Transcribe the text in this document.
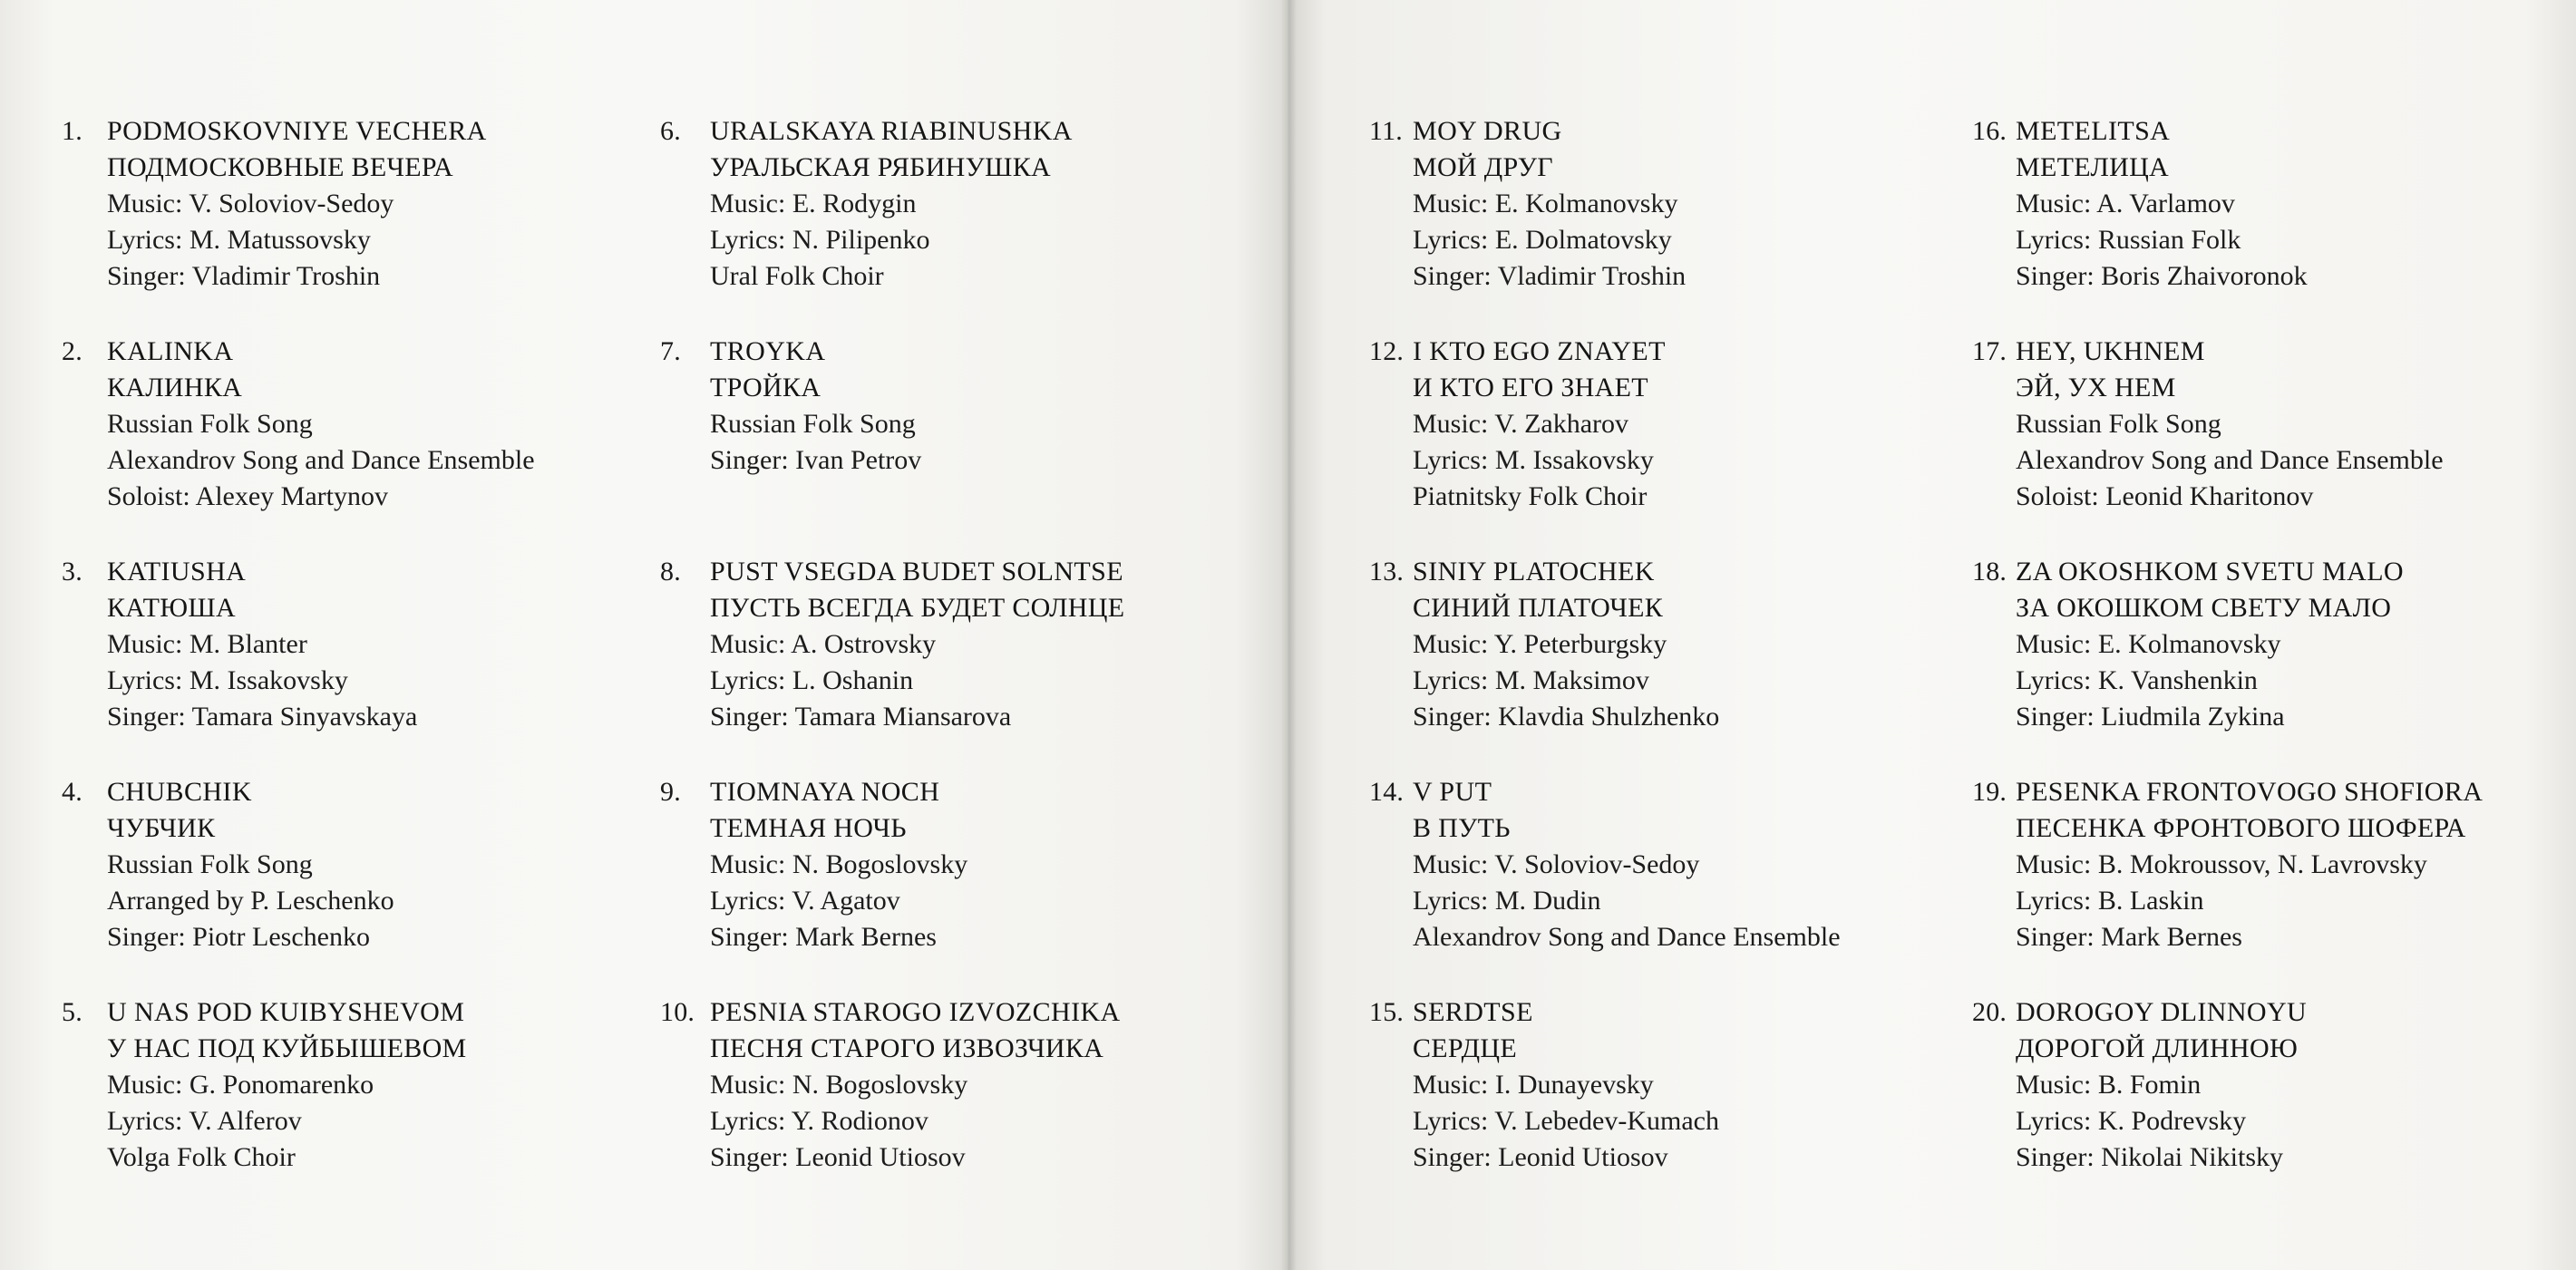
1. PODMOSKOVNIYE VECHERA
ПОДМОСКОВНЫЕ ВЕЧЕРА
Music: V. Soloviov-Sedoy
Lyrics: M. Matussovsky
Singer: Vladimir Troshin
2. KALINKA
КАЛИНКА
Russian Folk Song
Alexandrov Song and Dance Ensemble
Soloist: Alexey Martynov
3. KATIUSHA
КАТЮША
Music: M. Blanter
Lyrics: M. Issakovsky
Singer: Tamara Sinyavskaya
4. CHUBCHIK
ЧУБЧИК
Russian Folk Song
Arranged by P. Leschenko
Singer: Piotr Leschenko
5. U NAS POD KUIBYSHEVOM
У НАС ПОД КУЙБЫШЕВОМ
Music: G. Ponomarenko
Lyrics: V. Alferov
Volga Folk Choir
6.	URALSKAYA RIABINUSHKA
УРАЛЬСКАЯ РЯБИНУШКА
Music: E. Rodygin
Lyrics: N. Pilipenko
Ural Folk Choir
7.	TROYKA
ТРОЙКА
Russian Folk Song
Singer: Ivan Petrov
8.	PUST VSEGDA BUDET SOLNTSE
ПУСТЬ ВСЕГДА БУДЕТ СОЛНЦЕ
Music: A. Ostrovsky
Lyrics: L. Oshanin
Singer: Tamara Miansarova
9.	TIOMNAYA NOCH
ТЕМНАЯ НОЧЬ
Music: N. Bogoslovsky
Lyrics: V. Agatov
Singer: Mark Bernes
10. PESNIA STAROGO IZVOZCHIKA
ПЕСНЯ СТАРОГО ИЗВОЗЧИКА
Music: N. Bogoslovsky
Lyrics: Y. Rodionov
Singer: Leonid Utiosov
11. MOY DRUG
МОЙ ДРУГ
Music: E. Kolmanovsky
Lyrics: E. Dolmatovsky
Singer: Vladimir Troshin
12. I KTO EGO ZNAYET
И КТО ЕГО ЗНАЕТ
Music: V. Zakharov
Lyrics: M. Issakovsky
Piatnitsky Folk Choir
13. SINIY PLATOCHEK
СИНИЙ ПЛАТОЧЕК
Music: Y. Peterburgsky
Lyrics: M. Maksimov
Singer: Klavdia Shulzhenko
14. V PUT
В ПУТЬ
Music: V. Soloviov-Sedoy
Lyrics: M. Dudin
Alexandrov Song and Dance Ensemble
15. SERDTSE
СЕРДЦЕ
Music: I. Dunayevsky
Lyrics: V. Lebedev-Kumach
Singer: Leonid Utiosov
16. METELITSA
МЕТЕЛИЦА
Music: A. Varlamov
Lyrics: Russian Folk
Singer: Boris Zhaivoronok
17. HEY, UKHNEM
ЭЙ, УХ НЕМ
Russian Folk Song
Alexandrov Song and Dance Ensemble
Soloist: Leonid Kharitonov
18. ZA OKOSHKOM SVETU MALO
ЗА ОКОШКОМ СВЕТУ МАЛО
Music: E. Kolmanovsky
Lyrics: K. Vanshenkin
Singer: Liudmila Zykina
19. PESENKA FRONTOVOGO SHOFIORA
ПЕСЕНКА ФРОНТОВОГО ШОФЕРА
Music: B. Mokroussov, N. Lavrovsky
Lyrics: B. Laskin
Singer: Mark Bernes
20. DOROGOY DLINNOYU
ДОРОГОЙ ДЛИННОЮ
Music: B. Fomin
Lyrics: K. Podrevsky
Singer: Nikolai Nikitsky
